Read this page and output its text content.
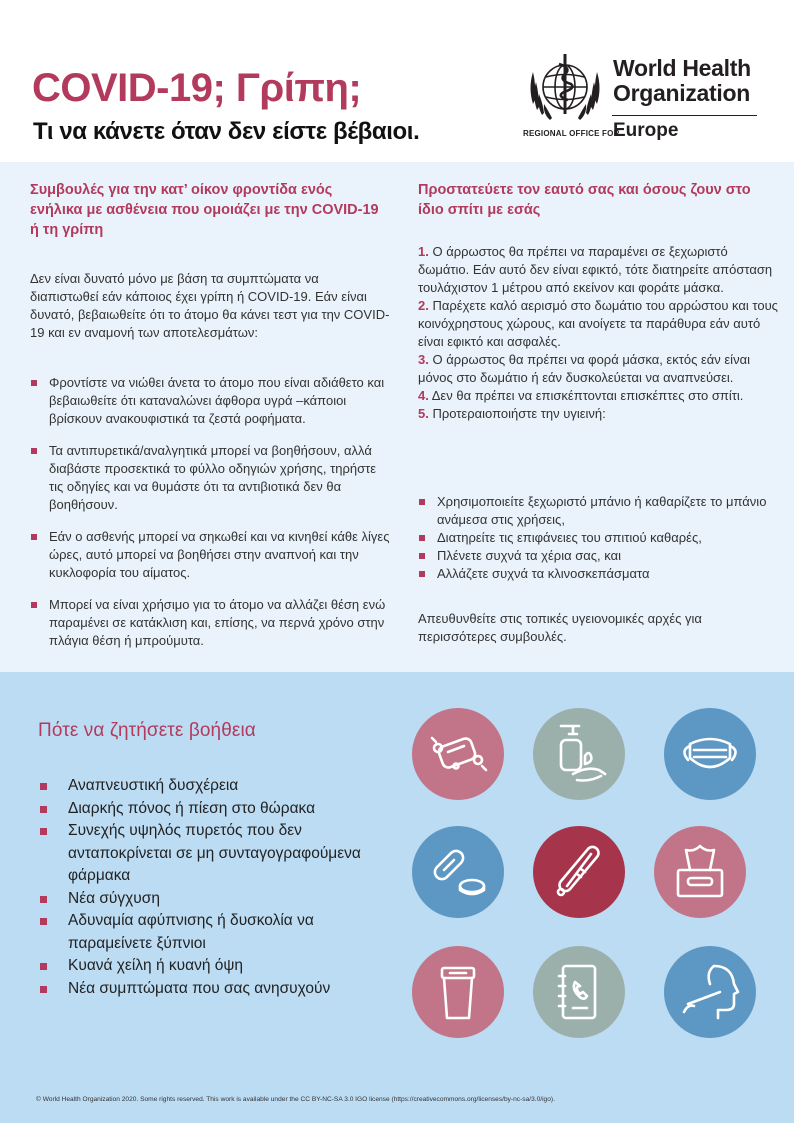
COVID-19; Γρίπη;
Τι να κάνετε όταν δεν είστε βέβαιοι.
World Health
Organization
REGIONAL OFFICE FOR
Europe
Συμβουλές για την κατ’ οίκον φροντίδα ενός ενήλικα με ασθένεια που ομοιάζει με την COVID-19 ή τη γρίπη
Δεν είναι δυνατό μόνο με βάση τα συμπτώματα να διαπιστωθεί εάν κάποιος έχει γρίπη ή COVID-19. Εάν είναι δυνατό, βεβαιωθείτε ότι το άτομο θα κάνει τεστ για την COVID-19 και εν αναμονή των αποτελεσμάτων:
Φροντίστε να νιώθει άνετα το άτομο που είναι αδιάθετο και βεβαιωθείτε ότι καταναλώνει άφθορα υγρά –κάποιοι βρίσκουν ανακουφιστικά τα ζεστά ροφήματα.
Τα αντιπυρετικά/αναλγητικά μπορεί να βοηθήσουν, αλλά διαβάστε προσεκτικά το φύλλο οδηγιών χρήσης, τηρήστε τις οδηγίες και να θυμάστε ότι τα αντιβιοτικά δεν θα βοηθήσουν.
Εάν ο ασθενής μπορεί να σηκωθεί και να κινηθεί κάθε λίγες ώρες, αυτό μπορεί να βοηθήσει στην αναπνοή και την κυκλοφορία του αίματος.
Μπορεί να είναι χρήσιμο για το άτομο να αλλάζει θέση ενώ παραμένει σε κατάκλιση και, επίσης, να περνά χρόνο στην πλάγια θέση ή μπρούμυτα.
Προστατεύετε τον εαυτό σας και όσους ζουν στο ίδιο σπίτι με εσάς
1. Ο άρρωστος θα πρέπει να παραμένει σε ξεχωριστό δωμάτιο. Εάν αυτό δεν είναι εφικτό, τότε διατηρείτε απόσταση τουλάχιστον 1 μέτρου από εκείνον και φοράτε μάσκα.
2. Παρέχετε καλό αερισμό στο δωμάτιο του αρρώστου και τους κοινόχρηστους χώρους, και ανοίγετε τα παράθυρα εάν αυτό είναι εφικτό και ασφαλές.
3. Ο άρρωστος θα πρέπει να φορά μάσκα, εκτός εάν είναι μόνος στο δωμάτιο ή εάν δυσκολεύεται να αναπνεύσει.
4. Δεν θα πρέπει να επισκέπτονται επισκέπτες στο σπίτι.
5. Προτεραιοποιήστε την υγιεινή:
Χρησιμοποιείτε ξεχωριστό μπάνιο ή καθαρίζετε το μπάνιο ανάμεσα στις χρήσεις,
Διατηρείτε τις επιφάνειες του σπιτιού καθαρές,
Πλένετε συχνά τα χέρια σας, και
Αλλάζετε συχνά τα κλινοσκεπάσματα
Απευθυνθείτε στις τοπικές υγειονομικές αρχές για περισσότερες συμβουλές.
Πότε να ζητήσετε βοήθεια
Αναπνευστική δυσχέρεια
Διαρκής πόνος ή πίεση στο θώρακα
Συνεχής υψηλός πυρετός που δεν ανταποκρίνεται σε μη συνταγογραφούμενα φάρμακα
Νέα σύγχυση
Αδυναμία αφύπνισης ή δυσκολία να παραμείνετε ξύπνιοι
Κυανά χείλη ή κυανή όψη
Νέα συμπτώματα που σας ανησυχούν
© World Health Organization 2020. Some rights reserved. This work is available under the CC BY-NC-SA 3.0 IGO license (https://creativecommons.org/licenses/by-nc-sa/3.0/igo).
